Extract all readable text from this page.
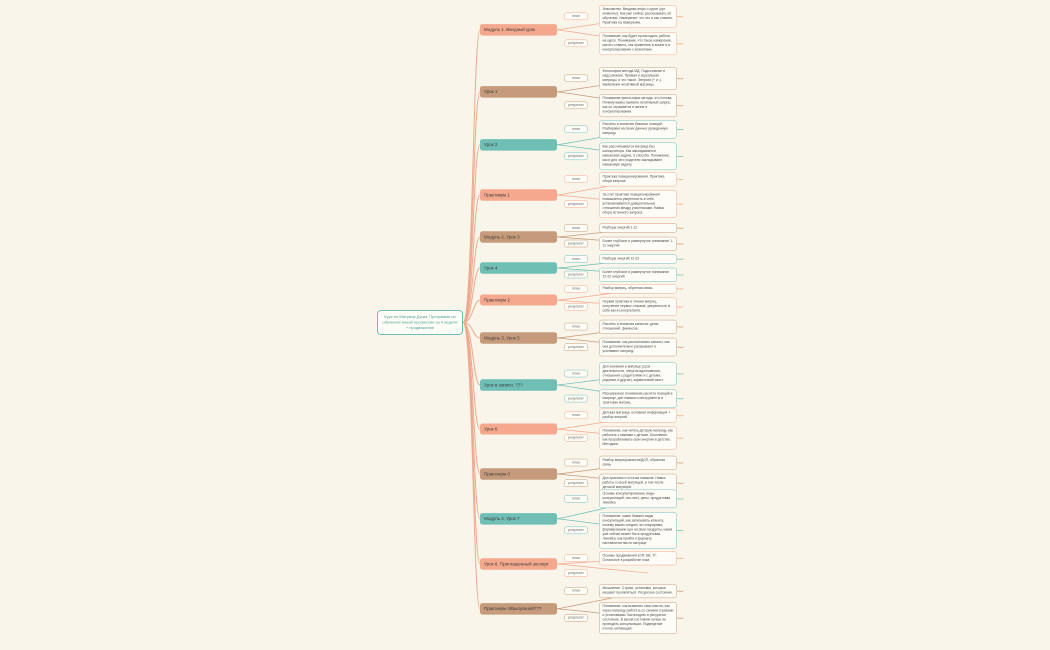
Курс по Матрице Души. Программа по обучению новой профессии за 4 недели + продвижение
Модуль 1. Вводный урок
план
Знакомство. Вводная инфо о курсе (орг моменты). Как уже сейчас рассказывать об обучении. Намерение: что это и как ставить. Практика на намерение.
результат
Понимание, как будет происходить работа на курсе. Понимание, что такое намерение, как его ставить, как применять в жизни и в консультировании с клиентами.
Урок 1
план
Философия метода МД. Подсознание и надсознание. Прямая и зеркальная матрицы, и что такое. Энергии (+ и -). Выявление негативной матрицы.
результат
Понимание философии метода, это основа. Почему важно выявить негативный запрос, как он отражается в жизни и консультировании.
Урок 2
план
Расчеты и значения базовых позиций. Разбираем на своих данных урожденную матрицу.
результат
Как рассчитывается матрица без калькулятора. Как закладывается навыковая задача, 3 способа. Понимание, как и для чего родители закладывают навыковую задачу.
Практикум 1
план
Практика позиционирования. Практика сбора запроса.
результат
За счет практики позиционирования повышается уверенность в себе, устанавливаются доверительные отношения между участниками. Навык сбора истинного запроса.
Модуль 2. Урок 3
план	Разборы энергий 1-11
результат
Более глубокое и развернутое понимание 1-11 энергий
Урок 4
план	Разборы энергий 12-22
результат
Более глубокое и развернутое понимание 12-22 энергий
Практикум 2
план	Разбор матриц, обратная связь.
результат
Первая практика в чтении матриц, получение первых отзывов, уверенность в себе как в консультанте.
Модуль 3. Урок 5
план
Расчеты и значения каналов: денег, отношений, финансов
результат
Понимание, как рассчитывать каналы, как они дополнительно раскрывают и усиливают матрицу.
Урок в записи. ???
план
Доп значения в матрице (срок деятельности, энергия вдохновения, отношения с родителями и с детьми, родовые и другие), кармический хвост
результат
Расширенное понимание расчета позиций в матрице, доп навыки и инструменты в трактовке матриц
Урок 6
план
Детская матрица, основная информация + разбор энергий
результат
Понимание, как читать детскую матрицу, как работать с мамами с детьми. Осознание, как прорабатывать свои энергии в детстве. Методики.
Практикум 3
план
Разбор матриц/каналов/ДОП, обратная связь
результат
Доп практика и отточка навыков. Навык работы со всей матрицей, в том числе детской матрицей.
Модуль 4. Урок 7
план
Основы консультирования, виды консультаций, чек-лист, цены, продуктовая линейка
результат
Понимание, какие бывают виды консультаций, как записывать клиента, почему важно следить за гонорарами, формирование цен на свои продукты, какая уже сейчас может быть продуктовая линейка, как прийти к формату наставничества по матрице
Урок 8. Приглашенный эксперт
план
Основы продвижения в ИГ, ВК, ТГ. Остальное в разработке пока
результат
Практикум 4/Выпускной???
план
Мышление. Страхи, установки, которые мешают проявляться. Ресурсное состояние.
результат
Понимание, как выявлять свои мысли, как через матрицу работать со своими страхами и установками. Как входить в ресурсное состояние. В каком состоянии лучше не проводить консультации. Подведение итогов, мотивация.
